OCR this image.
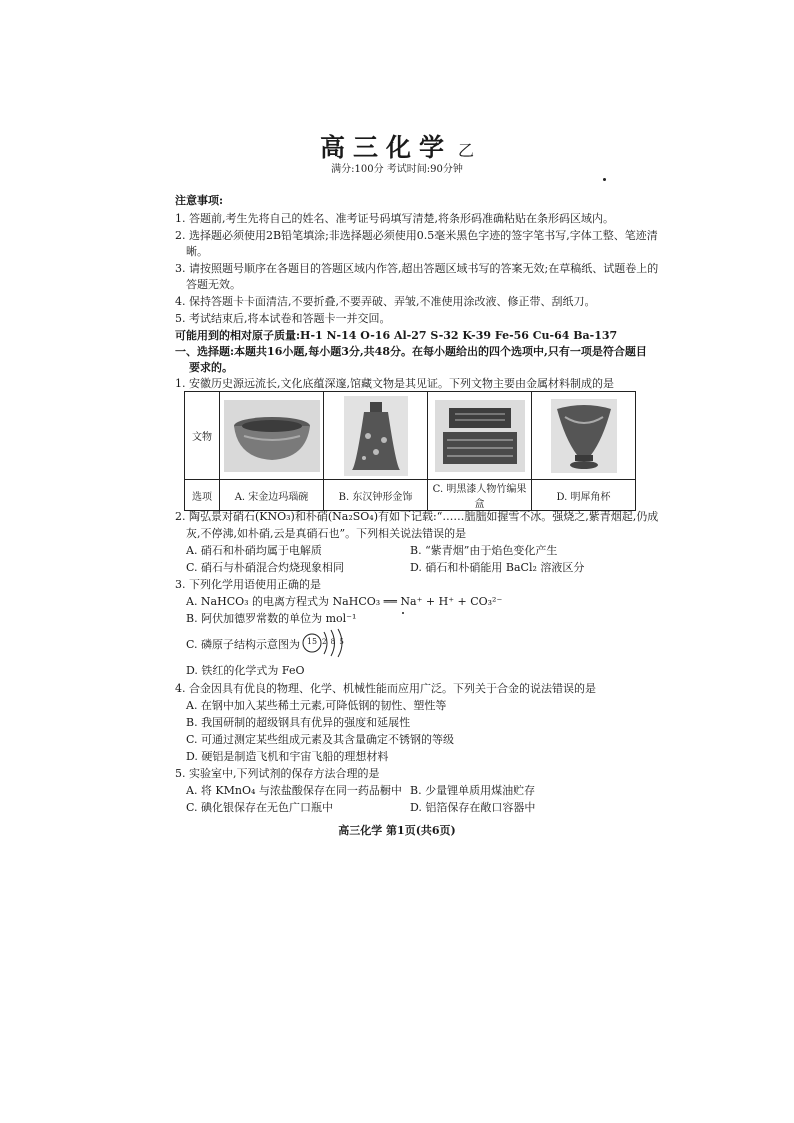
高三化学 乙
满分:100分 考试时间:90分钟
注意事项:
1. 答题前,考生先将自己的姓名、准考证号码填写清楚,将条形码准确粘贴在条形码区域内。
2. 选择题必须使用2B铅笔填涂;非选择题必须使用0.5毫米黑色字迹的签字笔书写,字体工整、笔迹清
晰。
3. 请按照题号顺序在各题目的答题区域内作答,超出答题区域书写的答案无效;在草稿纸、试题卷上的
答题无效。
4. 保持答题卡卡面清洁,不要折叠,不要弄破、弄皱,不准使用涂改液、修正带、刮纸刀。
5. 考试结束后,将本试卷和答题卡一并交回。
可能用到的相对原子质量:H-1 N-14 O-16 Al-27 S-32 K-39 Fe-56 Cu-64 Ba-137
一、选择题:本题共16小题,每小题3分,共48分。在每小题给出的四个选项中,只有一项是符合题目
要求的。
1. 安徽历史源远流长,文化底蕴深邃,馆藏文物是其见证。下列文物主要由金属材料制成的是
文物	

选项	A. 宋金边玛瑙碗	B. 东汉钟形金饰	C. 明黑漆人物竹编果盒	D. 明犀角杯
2. 陶弘景对硝石(KNO₃)和朴硝(Na₂SO₄)有如下记载:“……朏朏如握雪不冰。强烧之,紫青烟起,仍成
灰,不停沸,如朴硝,云是真硝石也”。下列相关说法错误的是
A. 硝石和朴硝均属于电解质	B. “紫青烟”由于焰色变化产生
C. 硝石与朴硝混合灼烧现象相同	D. 硝石和朴硝能用 BaCl₂ 溶液区分
3. 下列化学用语使用正确的是
A. NaHCO₃ 的电离方程式为 NaHCO₃ ══ Na⁺ + H⁺ + CO₃²⁻
B. 阿伏加德罗常数的单位为 mol⁻¹
C. 磷原子结构示意图为 15 2 8 5
D. 铁红的化学式为 FeO
4. 合金因具有优良的物理、化学、机械性能而应用广泛。下列关于合金的说法错误的是
A. 在钢中加入某些稀土元素,可降低钢的韧性、塑性等
B. 我国研制的超级钢具有优异的强度和延展性
C. 可通过测定某些组成元素及其含量确定不锈钢的等级
D. 硬铝是制造飞机和宇宙飞船的理想材料
5. 实验室中,下列试剂的保存方法合理的是
A. 将 KMnO₄ 与浓盐酸保存在同一药品橱中 B. 少量锂单质用煤油贮存
C. 碘化银保存在无色广口瓶中	D. 铝箔保存在敞口容器中
高三化学 第1页(共6页)
